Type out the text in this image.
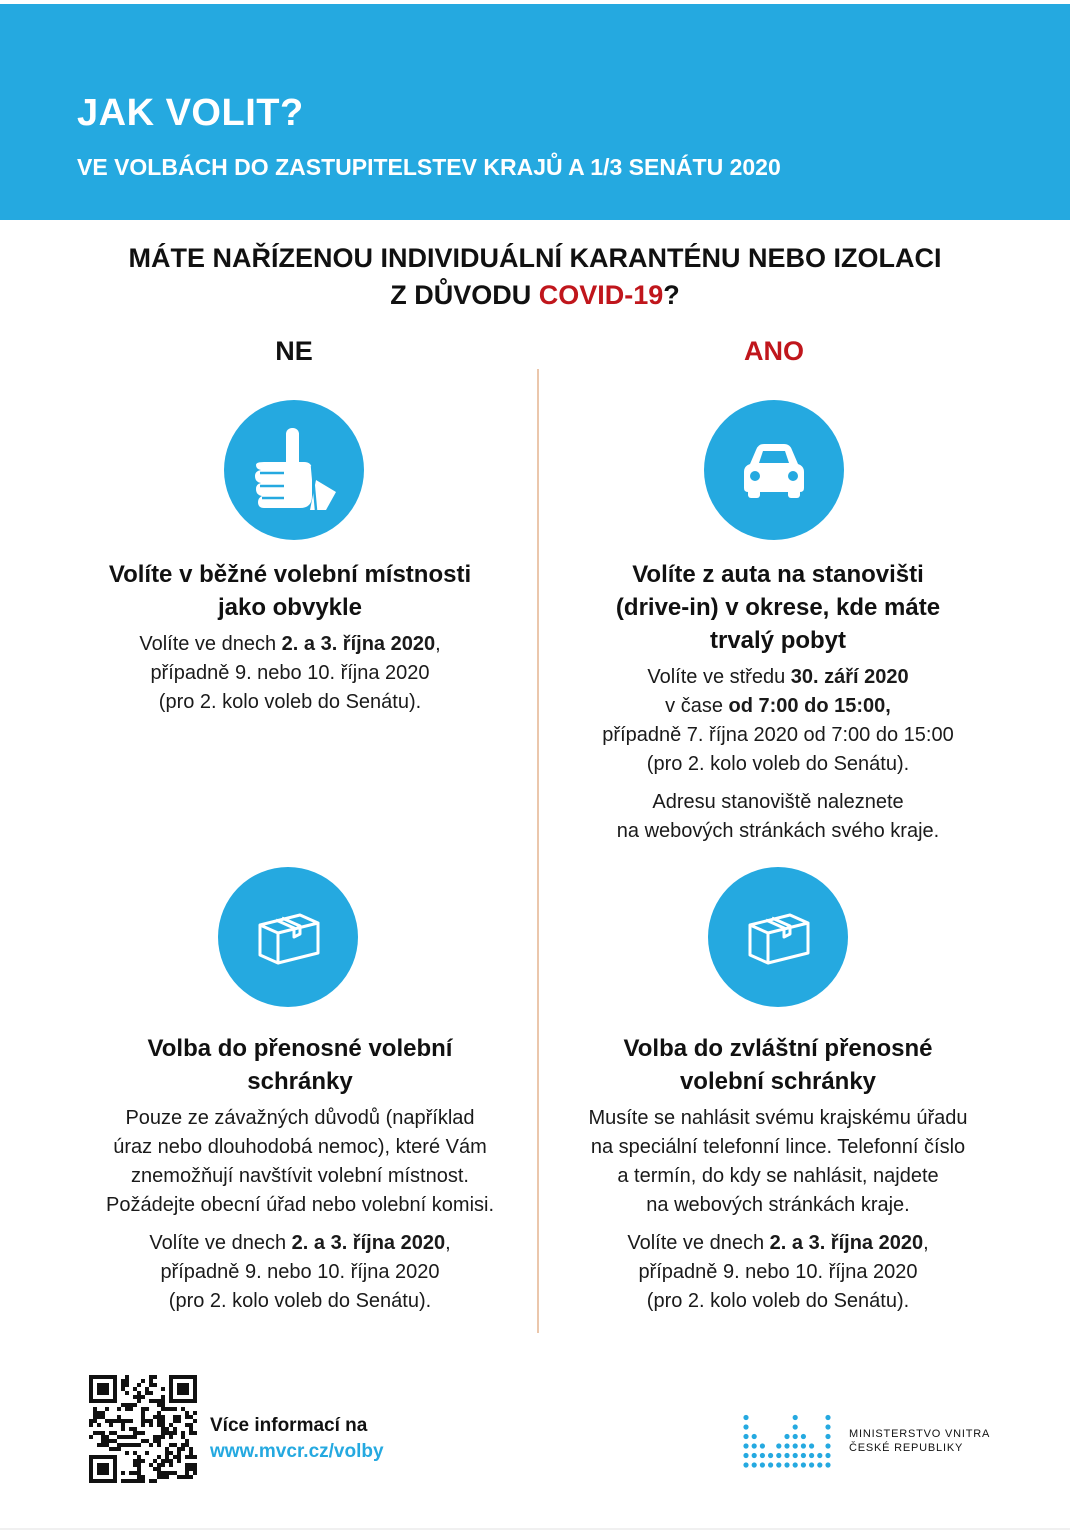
JAK VOLIT?
VE VOLBÁCH DO ZASTUPITELSTEV KRAJŮ A 1/3 SENÁTU 2020
MÁTE NAŘÍZENOU INDIVIDUÁLNÍ KARANTÉNU NEBO IZOLACI
Z DŮVODU COVID-19?
NE	ANO
Volíte v běžné volební místnosti
jako obvykle

Volíte ve dnech 2. a 3. října 2020,

případně 9. nebo 10. října 2020

(pro 2. kolo voleb do Senátu).

Volíte z auta na stanovišti
(drive-in) v okrese, kde máte
trvalý pobyt

Volíte ve středu 30. září 2020

v čase od 7:00 do 15:00,

případně 7. října 2020 od 7:00 do 15:00

(pro 2. kolo voleb do Senátu).

Adresu stanoviště naleznete

na webových stránkách svého kraje.

Volba do přenosné volební
schránky

Pouze ze závažných důvodů (například

úraz nebo dlouhodobá nemoc), které Vám

znemožňují navštívit volební místnost.

Požádejte obecní úřad nebo volební komisi.

Volíte ve dnech 2. a 3. října 2020,

případně 9. nebo 10. října 2020

(pro 2. kolo voleb do Senátu).

Volba do zvláštní přenosné
volební schránky

Musíte se nahlásit svému krajskému úřadu

na speciální telefonní lince. Telefonní číslo

a termín, do kdy se nahlásit, najdete

na webových stránkách kraje.

Volíte ve dnech 2. a 3. října 2020,

případně 9. nebo 10. října 2020

(pro 2. kolo voleb do Senátu).

Více informací na
www.mvcr.cz/volby
MINISTERSTVO VNITRA
ČESKÉ REPUBLIKY
